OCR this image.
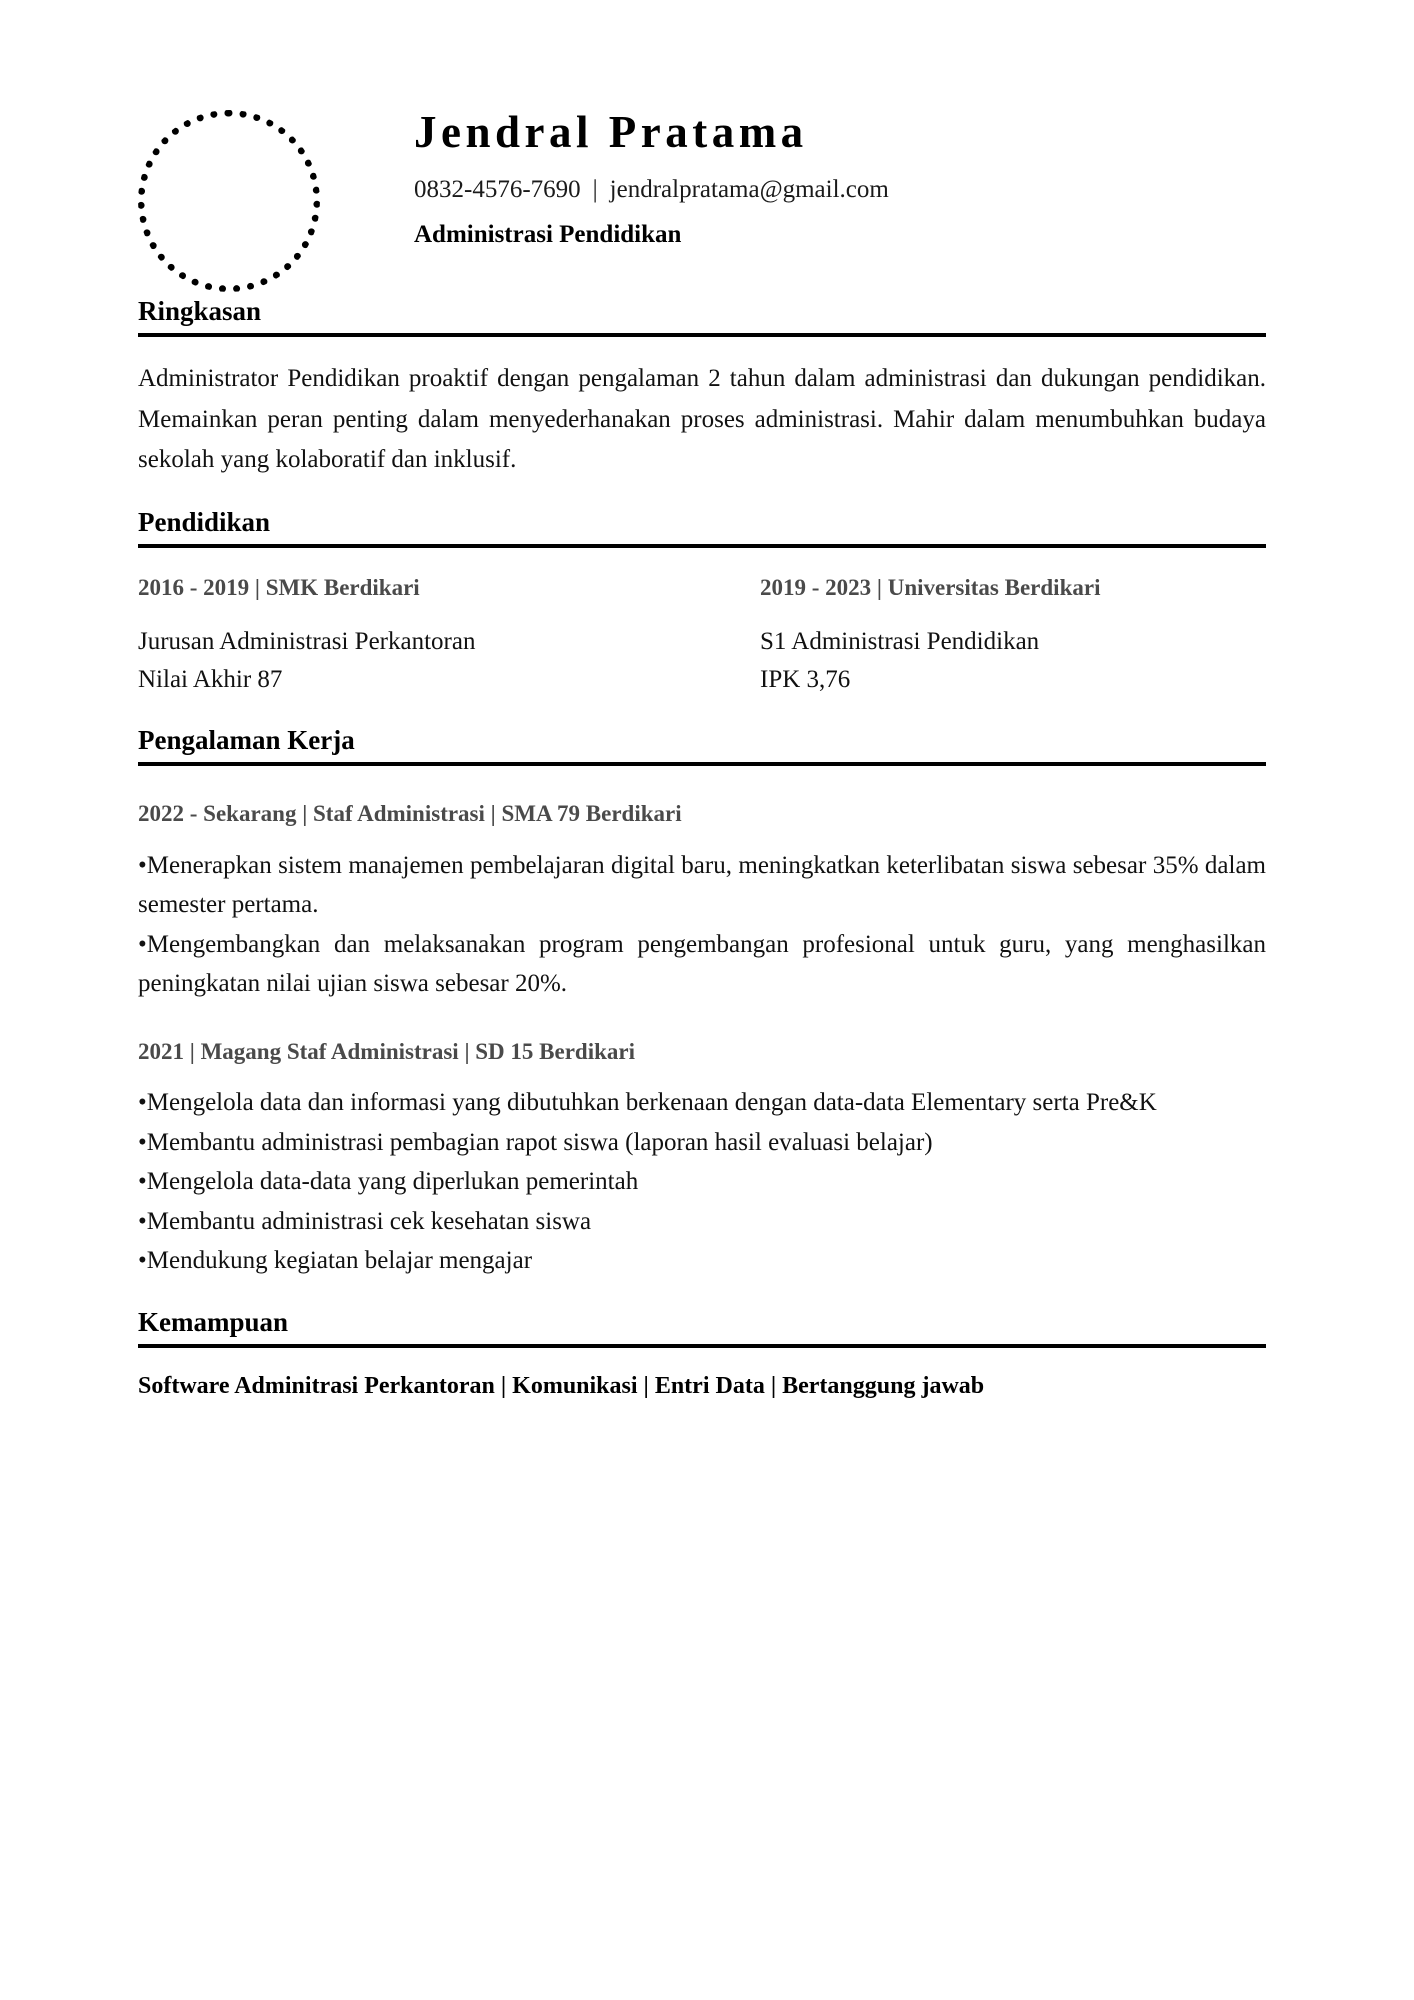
Jendral Pratama
0832-4576-7690 | jendralpratama@gmail.com
Administrasi Pendidikan
Ringkasan

Administrator Pendidikan proaktif dengan pengalaman 2 tahun dalam administrasi dan dukungan pendidikan. Memainkan peran penting dalam menyederhanakan proses administrasi. Mahir dalam menumbuhkan budaya sekolah yang kolaboratif dan inklusif.

Pendidikan
2016 - 2019 | SMK Berdikari
Jurusan Administrasi Perkantoran
Nilai Akhir 87
2019 - 2023 | Universitas Berdikari
S1 Administrasi Pendidikan
IPK 3,76
Pengalaman Kerja
2022 - Sekarang | Staf Administrasi | SMA 79 Berdikari
•Menerapkan sistem manajemen pembelajaran digital baru, meningkatkan keterlibatan siswa sebesar 35% dalam semester pertama.
•Mengembangkan dan melaksanakan program pengembangan profesional untuk guru, yang menghasilkan peningkatan nilai ujian siswa sebesar 20%.
2021 | Magang Staf Administrasi | SD 15 Berdikari
•Mengelola data dan informasi yang dibutuhkan berkenaan dengan data-data Elementary serta Pre&K
•Membantu administrasi pembagian rapot siswa (laporan hasil evaluasi belajar)
•Mengelola data-data yang diperlukan pemerintah
•Membantu administrasi cek kesehatan siswa
•Mendukung kegiatan belajar mengajar
Kemampuan
Software Adminitrasi Perkantoran | Komunikasi | Entri Data | Bertanggung jawab
